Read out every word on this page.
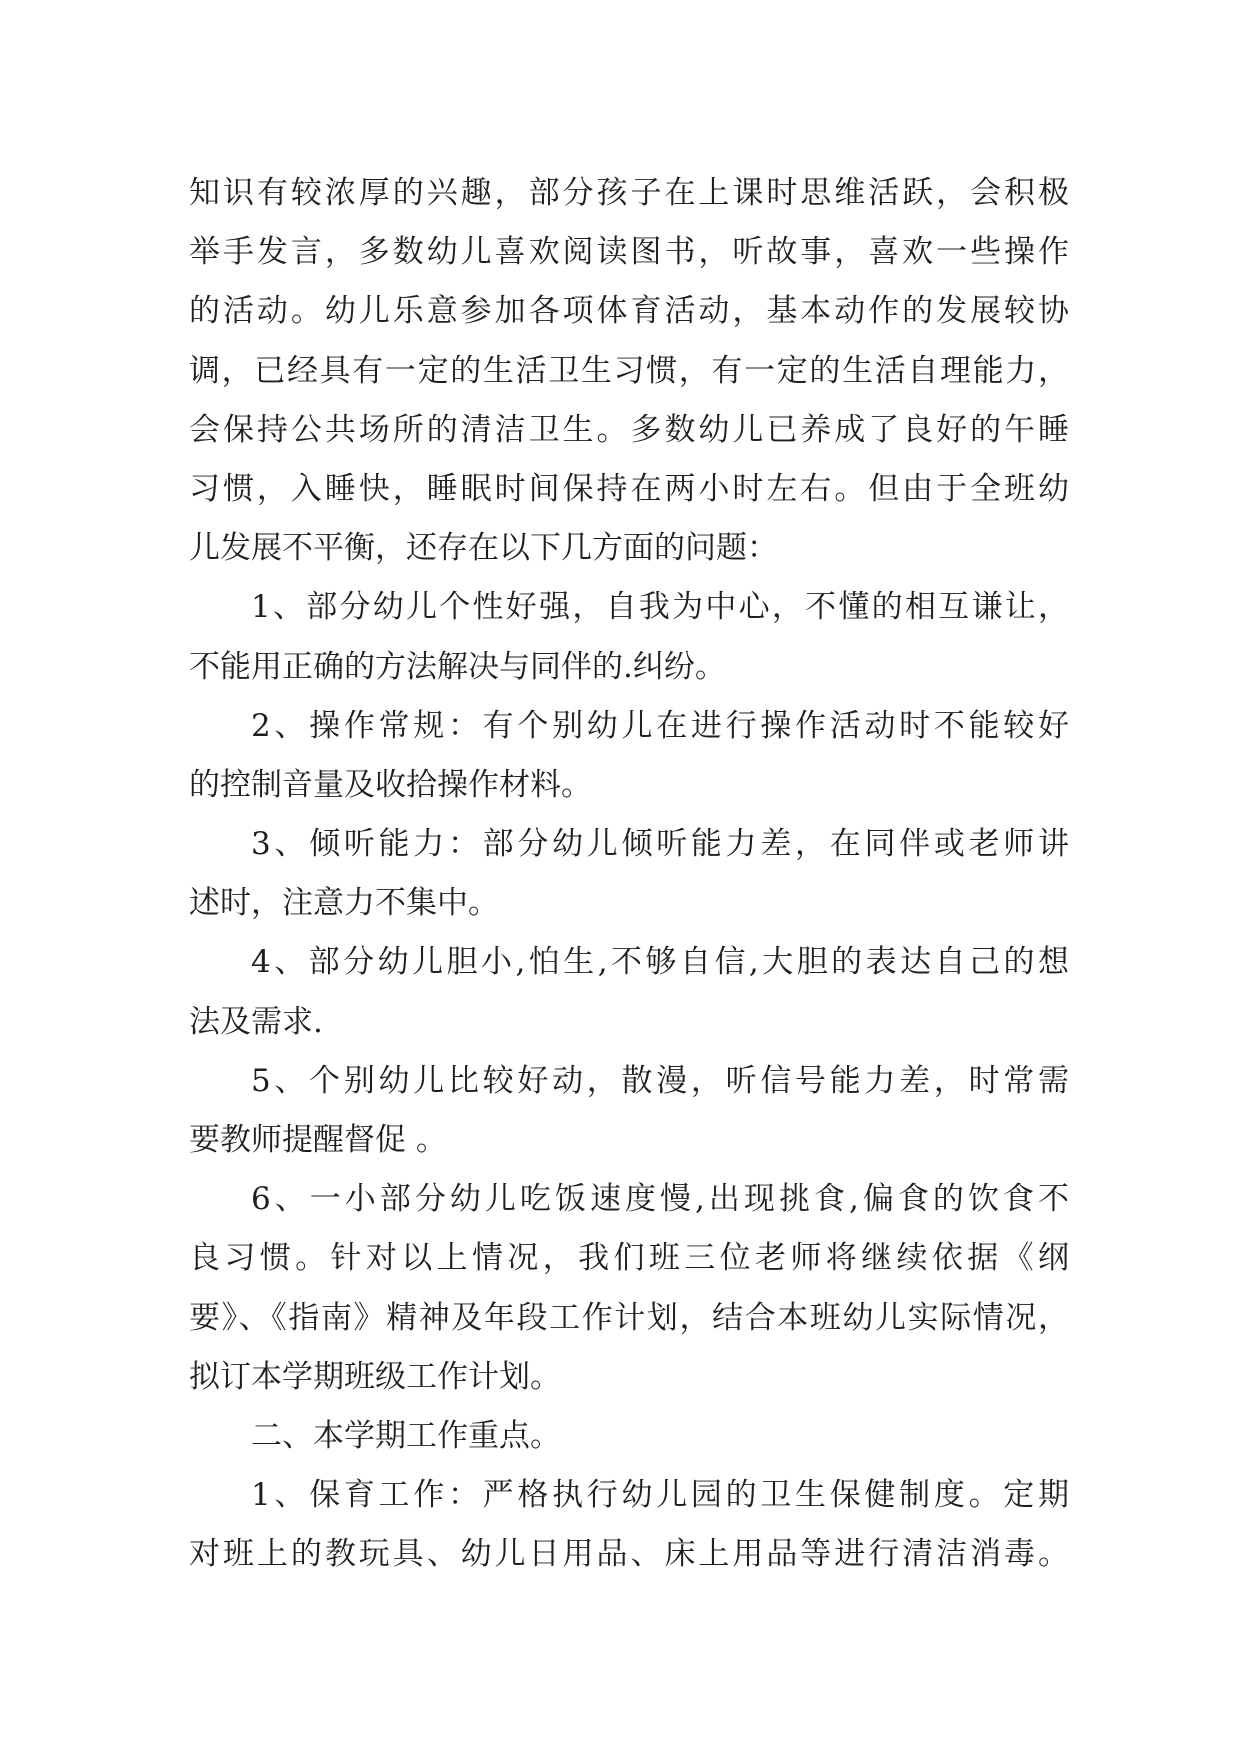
知识有较浓厚的兴趣，部分孩子在上课时思维活跃，会积极
举手发言，多数幼儿喜欢阅读图书，听故事，喜欢一些操作
的活动。幼儿乐意参加各项体育活动，基本动作的发展较协
调，已经具有一定的生活卫生习惯，有一定的生活自理能力，
会保持公共场所的清洁卫生。多数幼儿已养成了良好的午睡
习惯，入睡快，睡眠时间保持在两小时左右。但由于全班幼
儿发展不平衡，还存在以下几方面的问题：
1、部分幼儿个性好强，自我为中心，不懂的相互谦让，
不能用正确的方法解决与同伴的.纠纷。
2、操作常规：有个别幼儿在进行操作活动时不能较好
的控制音量及收拾操作材料。
3、倾听能力：部分幼儿倾听能力差，在同伴或老师讲
述时，注意力不集中。
4、部分幼儿胆小,怕生,不够自信,大胆的表达自己的想
法及需求.
5、个别幼儿比较好动，散漫，听信号能力差，时常需
要教师提醒督促 。
6、一小部分幼儿吃饭速度慢,出现挑食,偏食的饮食不
良习惯。针对以上情况，我们班三位老师将继续依据《纲
要》、《指南》精神及年段工作计划，结合本班幼儿实际情况，
拟订本学期班级工作计划。
二、本学期工作重点。
1、保育工作：严格执行幼儿园的卫生保健制度。定期
对班上的教玩具、幼儿日用品、床上用品等进行清洁消毒。
